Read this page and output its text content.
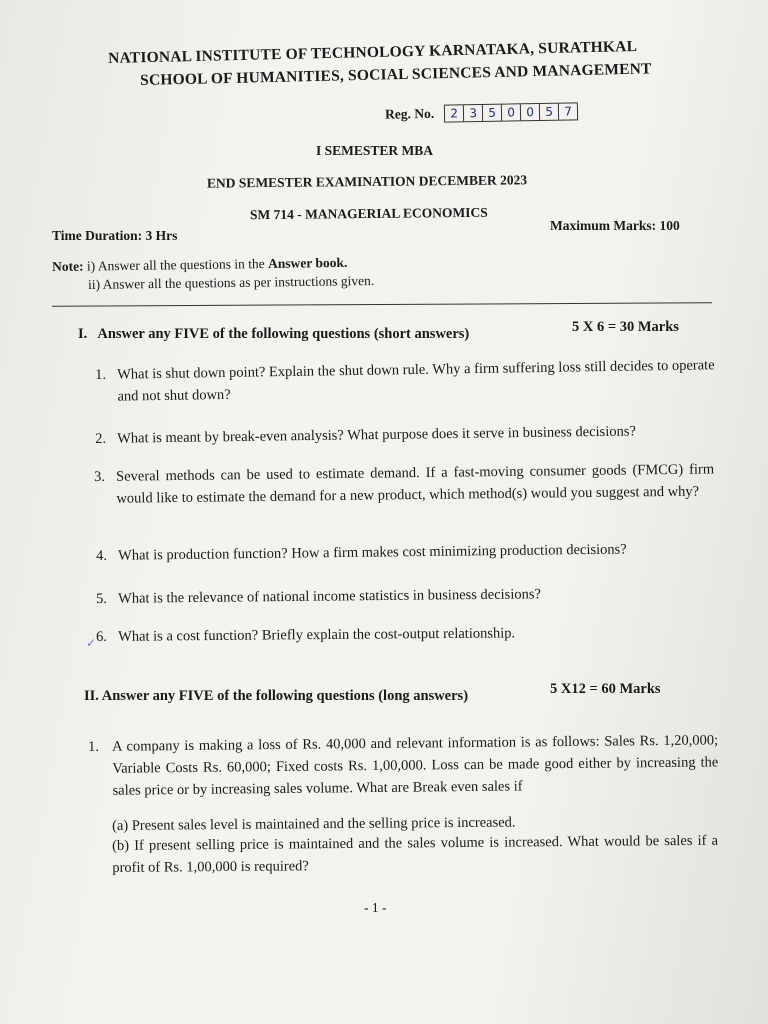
NATIONAL INSTITUTE OF TECHNOLOGY KARNATAKA, SURATHKAL
SCHOOL OF HUMANITIES, SOCIAL SCIENCES AND MANAGEMENT
Reg. No.	2 3 5 0 0 5 7
I SEMESTER MBA
END SEMESTER EXAMINATION DECEMBER 2023
SM 714 - MANAGERIAL ECONOMICS
Time Duration: 3 Hrs
Maximum Marks: 100
Note: i) Answer all the questions in the Answer book.
ii) Answer all the questions as per instructions given.
I.   Answer any FIVE of the following questions (short answers)	5 X 6 = 30 Marks
1. What is shut down point? Explain the shut down rule. Why a firm suffering loss still decides to operate and not shut down?
2. What is meant by break-even analysis? What purpose does it serve in business decisions?
3. Several methods can be used to estimate demand. If a fast-moving consumer goods (FMCG) firm would like to estimate the demand for a new product, which method(s) would you suggest and why?
4. What is production function? How a firm makes cost minimizing production decisions?
5. What is the relevance of national income statistics in business decisions?
6. What is a cost function? Briefly explain the cost-output relationship.
✓
II. Answer any FIVE of the following questions (long answers)	5 X12 = 60 Marks
1. A company is making a loss of Rs. 40,000 and relevant information is as follows: Sales Rs. 1,20,000; Variable Costs Rs. 60,000; Fixed costs Rs. 1,00,000. Loss can be made good either by increasing the sales price or by increasing sales volume. What are Break even sales if
(a) Present sales level is maintained and the selling price is increased.
(b) If present selling price is maintained and the sales volume is increased. What would be sales if a profit of Rs. 1,00,000 is required?
- 1 -
